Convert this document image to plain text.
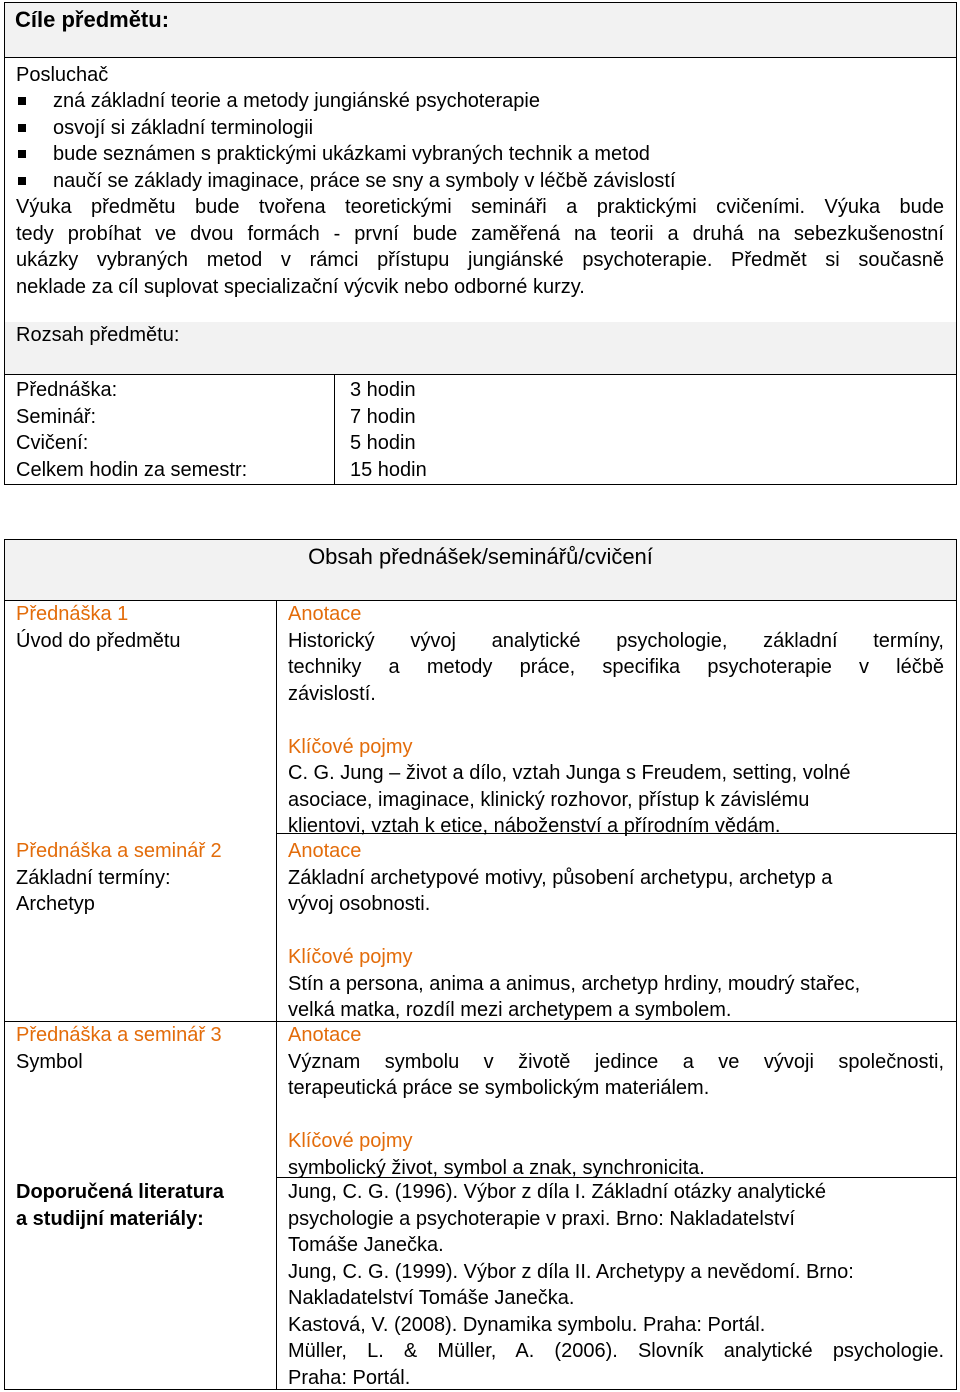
Cíle předmětu:
Posluchač
zná základní teorie a metody jungiánské psychoterapie
osvojí si základní terminologii
bude seznámen s praktickými ukázkami vybraných technik a metod
naučí se základy imaginace, práce se sny a symboly v léčbě závislostí
Výuka předmětu bude tvořena teoretickými semináři a praktickými cvičeními. Výuka bude
tedy probíhat ve dvou formách - první bude zaměřená na teorii a druhá na sebezkušenostní
ukázky vybraných metod v rámci přístupu jungiánské psychoterapie. Předmět si současně
neklade za cíl suplovat specializační výcvik nebo odborné kurzy.
Rozsah předmětu:
Přednáška:
Seminář:
Cvičení:
Celkem hodin za semestr:
3 hodin
7 hodin
5 hodin
15 hodin
Obsah přednášek/seminářů/cvičení
Přednáška 1
Úvod do předmětu
Anotace
Historický vývoj analytické psychologie, základní termíny,
techniky a metody práce, specifika psychoterapie v léčbě
závislostí.
Klíčové pojmy
C. G. Jung – život a dílo, vztah Junga s Freudem, setting, volné
asociace, imaginace, klinický rozhovor, přístup k závislému
klientovi, vztah k etice, náboženství a přírodním vědám.
Přednáška a seminář 2
Základní termíny:
Archetyp
Anotace
Základní archetypové motivy, působení archetypu, archetyp a
vývoj osobnosti.
Klíčové pojmy
Stín a persona, anima a animus, archetyp hrdiny, moudrý stařec,
velká matka, rozdíl mezi archetypem a symbolem.
Přednáška a seminář 3
Symbol
Anotace
Význam symbolu v životě jedince a ve vývoji společnosti,
terapeutická práce se symbolickým materiálem.
Klíčové pojmy
symbolický život, symbol a znak, synchronicita.
Doporučená literatura
a studijní materiály:
Jung, C. G. (1996). Výbor z díla I. Základní otázky analytické
psychologie a psychoterapie v praxi. Brno: Nakladatelství
Tomáše Janečka.
Jung, C. G. (1999). Výbor z díla II. Archetypy a nevědomí. Brno:
Nakladatelství Tomáše Janečka.
Kastová, V. (2008). Dynamika symbolu. Praha: Portál.
Müller, L. & Müller, A. (2006). Slovník analytické psychologie.
Praha: Portál.
